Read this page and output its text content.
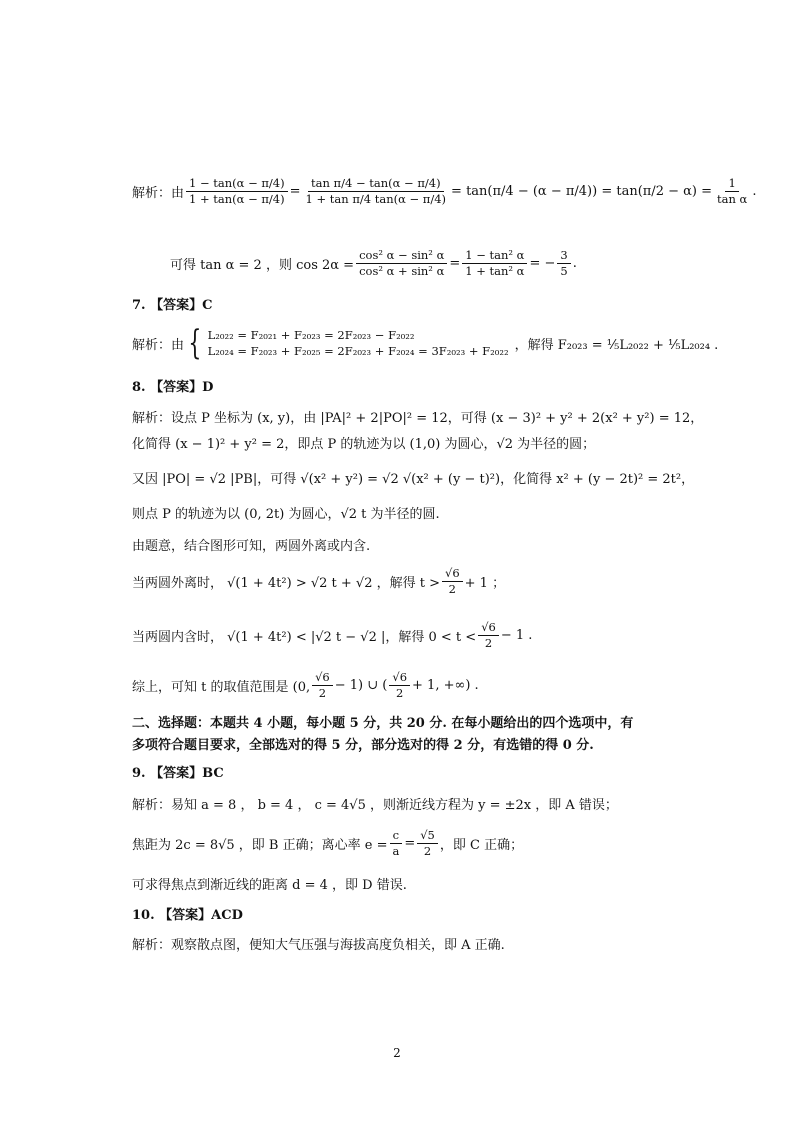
解析：由 $\frac{1 - \tan(\alpha - \pi/4)}{1 + \tan(\alpha - \pi/4)} = \frac{\text{tan π/4 − tan(α − π/4)}}{\text{1 + tan π/4 tan(α − π/4)}} = \tan(\pi/4 - (\alpha - \pi/4)) = \tan(\pi/2 - \alpha) = \frac{1}{\text{tan α}}$ .
可得 tan α = 2 ，则 $\cos 2\alpha = \frac{\text{cos² α − sin² α}}{\text{cos² α + sin² α}} = \frac{\text{1 − tan² α}}{\text{1 + tan² α}}$ = − $\frac{3}{5}$ .
7. 【答案】C
解析：由 { L₂₀₂₂ = F₂₀₂₁ + F₂₀₂₃ = 2F₂₀₂₃ − F₂₀₂₂
L₂₀₂₄ = F₂₀₂₃ + F₂₀₂₅ = 2F₂₀₂₃ + F₂₀₂₄ = 3F₂₀₂₃ + F₂₀₂₂ ，解得 F₂₀₂₃ = ⅕L₂₀₂₂ + ⅕L₂₀₂₄ .
8. 【答案】D
解析：设点 P 坐标为 (x, y)，由 |PA|² + 2|PO|² = 12，可得 (x − 3)² + y² + 2(x² + y²) = 12，
化简得 (x − 1)² + y² = 2，即点 P 的轨迹为以 (1,0) 为圆心，√2 为半径的圆；
又因 |PO| = √2 |PB|，可得 √(x² + y²) = √2 √(x² + (y − t)²)，化简得 x² + (y − 2t)² = 2t²，
则点 P 的轨迹为以 (0, 2t) 为圆心，√2 t 为半径的圆.
由题意，结合图形可知，两圆外离或内含.
当两圆外离时， √(1 + 4t²) > √2 t + √2 ，解得 $t > \frac{√6}{2} + 1$ ；
当两圆内含时， √(1 + 4t²) < |√2 t − √2 |，解得 $0 < t < \frac{√6}{2} - 1$ .
综上，可知 t 的取值范围是 (0, $\frac{√6}{2} - 1$) ∪ ( $\frac{√6}{2} + 1$, +∞) .
二、选择题：本题共 4 小题，每小题 5 分，共 20 分. 在每小题给出的四个选项中，有
多项符合题目要求，全部选对的得 5 分，部分选对的得 2 分，有选错的得 0 分.
9. 【答案】BC
解析：易知 a = 8 ， b = 4 ， c = 4√5 ，则渐近线方程为 y = ±2x ，即 A 错误；
焦距为 2c = 8√5 ，即 B 正确；离心率 $e = \frac{c}{a} = \frac{√5}{2}$ ，即 C 正确；
可求得焦点到渐近线的距离 d = 4 ，即 D 错误.
10. 【答案】ACD
解析：观察散点图，便知大气压强与海拔高度负相关，即 A 正确.
2
